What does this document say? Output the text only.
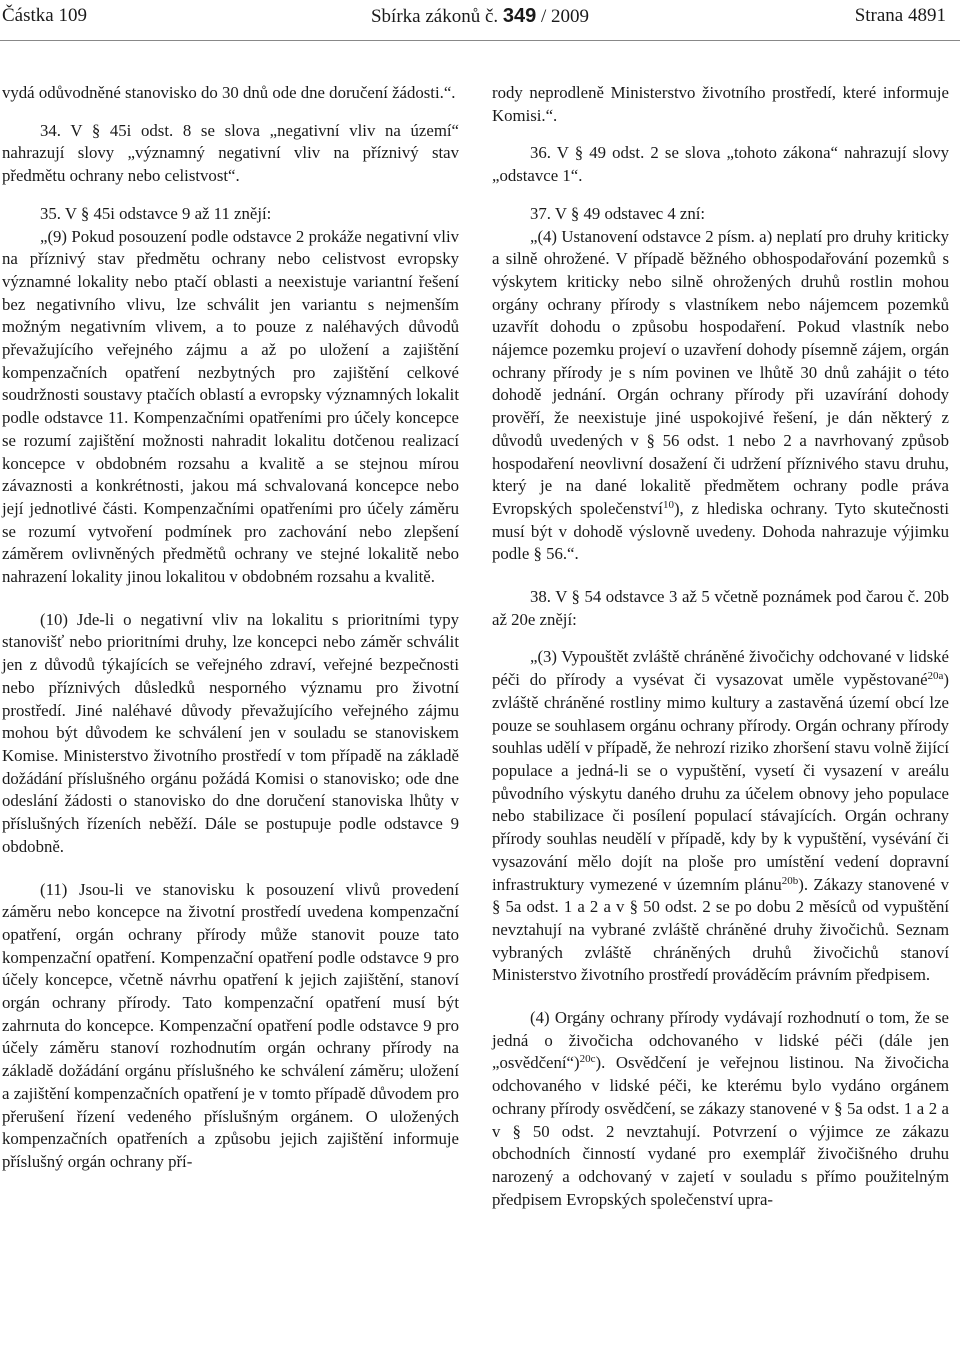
Částka 109	Sbírka zákonů č. 349 / 2009	Strana 4891

vydá odůvodněné stanovisko do 30 dnů ode dne doručení žádosti.“.

34. V § 45i odst. 8 se slova „negativní vliv na území“ nahrazují slovy „významný negativní vliv na příznivý stav předmětu ochrany nebo celistvost“.

35. V § 45i odstavce 9 až 11 znějí:

„(9) Pokud posouzení podle odstavce 2 prokáže negativní vliv na příznivý stav předmětu ochrany nebo celistvost evropsky významné lokality nebo ptačí oblasti a neexistuje variantní řešení bez negativního vlivu, lze schválit jen variantu s nejmenším možným negativním vlivem, a to pouze z naléhavých důvodů převažujícího veřejného zájmu a až po uložení a zajištění kompenzačních opatření nezbytných pro zajištění celkové soudržnosti soustavy ptačích oblastí a evropsky významných lokalit podle odstavce 11. Kompenzačními opatřeními pro účely koncepce se rozumí zajištění možnosti nahradit lokalitu dotčenou realizací koncepce v obdobném rozsahu a kvalitě a se stejnou mírou závaznosti a konkrétnosti, jakou má schvalovaná koncepce nebo její jednotlivé části. Kompenzačními opatřeními pro účely záměru se rozumí vytvoření podmínek pro zachování nebo zlepšení záměrem ovlivněných předmětů ochrany ve stejné lokalitě nebo nahrazení lokality jinou lokalitou v obdobném rozsahu a kvalitě.

(10) Jde-li o negativní vliv na lokalitu s prioritními typy stanovišť nebo prioritními druhy, lze koncepci nebo záměr schválit jen z důvodů týkajících se veřejného zdraví, veřejné bezpečnosti nebo příznivých důsledků nesporného významu pro životní prostředí. Jiné naléhavé důvody převažujícího veřejného zájmu mohou být důvodem ke schválení jen v souladu se stanoviskem Komise. Ministerstvo životního prostředí v tom případě na základě dožádání příslušného orgánu požádá Komisi o stanovisko; ode dne odeslání žádosti o stanovisko do dne doručení stanoviska lhůty v příslušných řízeních neběží. Dále se postupuje podle odstavce 9 obdobně.

(11) Jsou-li ve stanovisku k posouzení vlivů provedení záměru nebo koncepce na životní prostředí uvedena kompenzační opatření, orgán ochrany přírody může stanovit pouze tato kompenzační opatření. Kompenzační opatření podle odstavce 9 pro účely koncepce, včetně návrhu opatření k jejich zajištění, stanoví orgán ochrany přírody. Tato kompenzační opatření musí být zahrnuta do koncepce. Kompenzační opatření podle odstavce 9 pro účely záměru stanoví rozhodnutím orgán ochrany přírody na základě dožádání orgánu příslušného ke schválení záměru; uložení a zajištění kompenzačních opatření je v tomto případě důvodem pro přerušení řízení vedeného příslušným orgánem. O uložených kompenzačních opatřeních a způsobu jejich zajištění informuje příslušný orgán ochrany pří-

rody neprodleně Ministerstvo životního prostředí, které informuje Komisi.“.

36. V § 49 odst. 2 se slova „tohoto zákona“ nahrazují slovy „odstavce 1“.

37. V § 49 odstavec 4 zní:

„(4) Ustanovení odstavce 2 písm. a) neplatí pro druhy kriticky a silně ohrožené. V případě běžného obhospodařování pozemků s výskytem kriticky nebo silně ohrožených druhů rostlin mohou orgány ochrany přírody s vlastníkem nebo nájemcem pozemků uzavřít dohodu o způsobu hospodaření. Pokud vlastník nebo nájemce pozemku projeví o uzavření dohody písemně zájem, orgán ochrany přírody je s ním povinen ve lhůtě 30 dnů zahájit o této dohodě jednání. Orgán ochrany přírody při uzavírání dohody prověří, že neexistuje jiné uspokojivé řešení, je dán některý z důvodů uvedených v § 56 odst. 1 nebo 2 a navrhovaný způsob hospodaření neovlivní dosažení či udržení příznivého stavu druhu, který je na dané lokalitě předmětem ochrany podle práva Evropských společenství$^{10}$), z hlediska ochrany. Tyto skutečnosti musí být v dohodě výslovně uvedeny. Dohoda nahrazuje výjimku podle § 56.“.

38. V § 54 odstavce 3 až 5 včetně poznámek pod čarou č. 20b až 20e znějí:

„(3) Vypouštět zvláště chráněné živočichy odchované v lidské péči do přírody a vysévat či vysazovat uměle vypěstované$^{20a}$) zvláště chráněné rostliny mimo kultury a zastavěná území obcí lze pouze se souhlasem orgánu ochrany přírody. Orgán ochrany přírody souhlas udělí v případě, že nehrozí riziko zhoršení stavu volně žijící populace a jedná-li se o vypuštění, vysetí či vysazení v areálu původního výskytu daného druhu za účelem obnovy jeho populace nebo stabilizace či posílení populací stávajících. Orgán ochrany přírody souhlas neudělí v případě, kdy by k vypuštění, vysévání či vysazování mělo dojít na ploše pro umístění vedení dopravní infrastruktury vymezené v územním plánu$^{20b}$). Zákazy stanovené v § 5a odst. 1 a 2 a v § 50 odst. 2 se po dobu 2 měsíců od vypuštění nevztahují na vybrané zvláště chráněné druhy živočichů. Seznam vybraných zvláště chráněných druhů živočichů stanoví Ministerstvo životního prostředí prováděcím právním předpisem.

(4) Orgány ochrany přírody vydávají rozhodnutí o tom, že se jedná o živočicha odchovaného v lidské péči (dále jen „osvědčení“)$^{20c}$). Osvědčení je veřejnou listinou. Na živočicha odchovaného v lidské péči, ke kterému bylo vydáno orgánem ochrany přírody osvědčení, se zákazy stanovené v § 5a odst. 1 a 2 a v § 50 odst. 2 nevztahují. Potvrzení o výjimce ze zákazu obchodních činností vydané pro exemplář živočišného druhu narozený a odchovaný v zajetí v souladu s přímo použitelným předpisem Evropských společenství upra-
